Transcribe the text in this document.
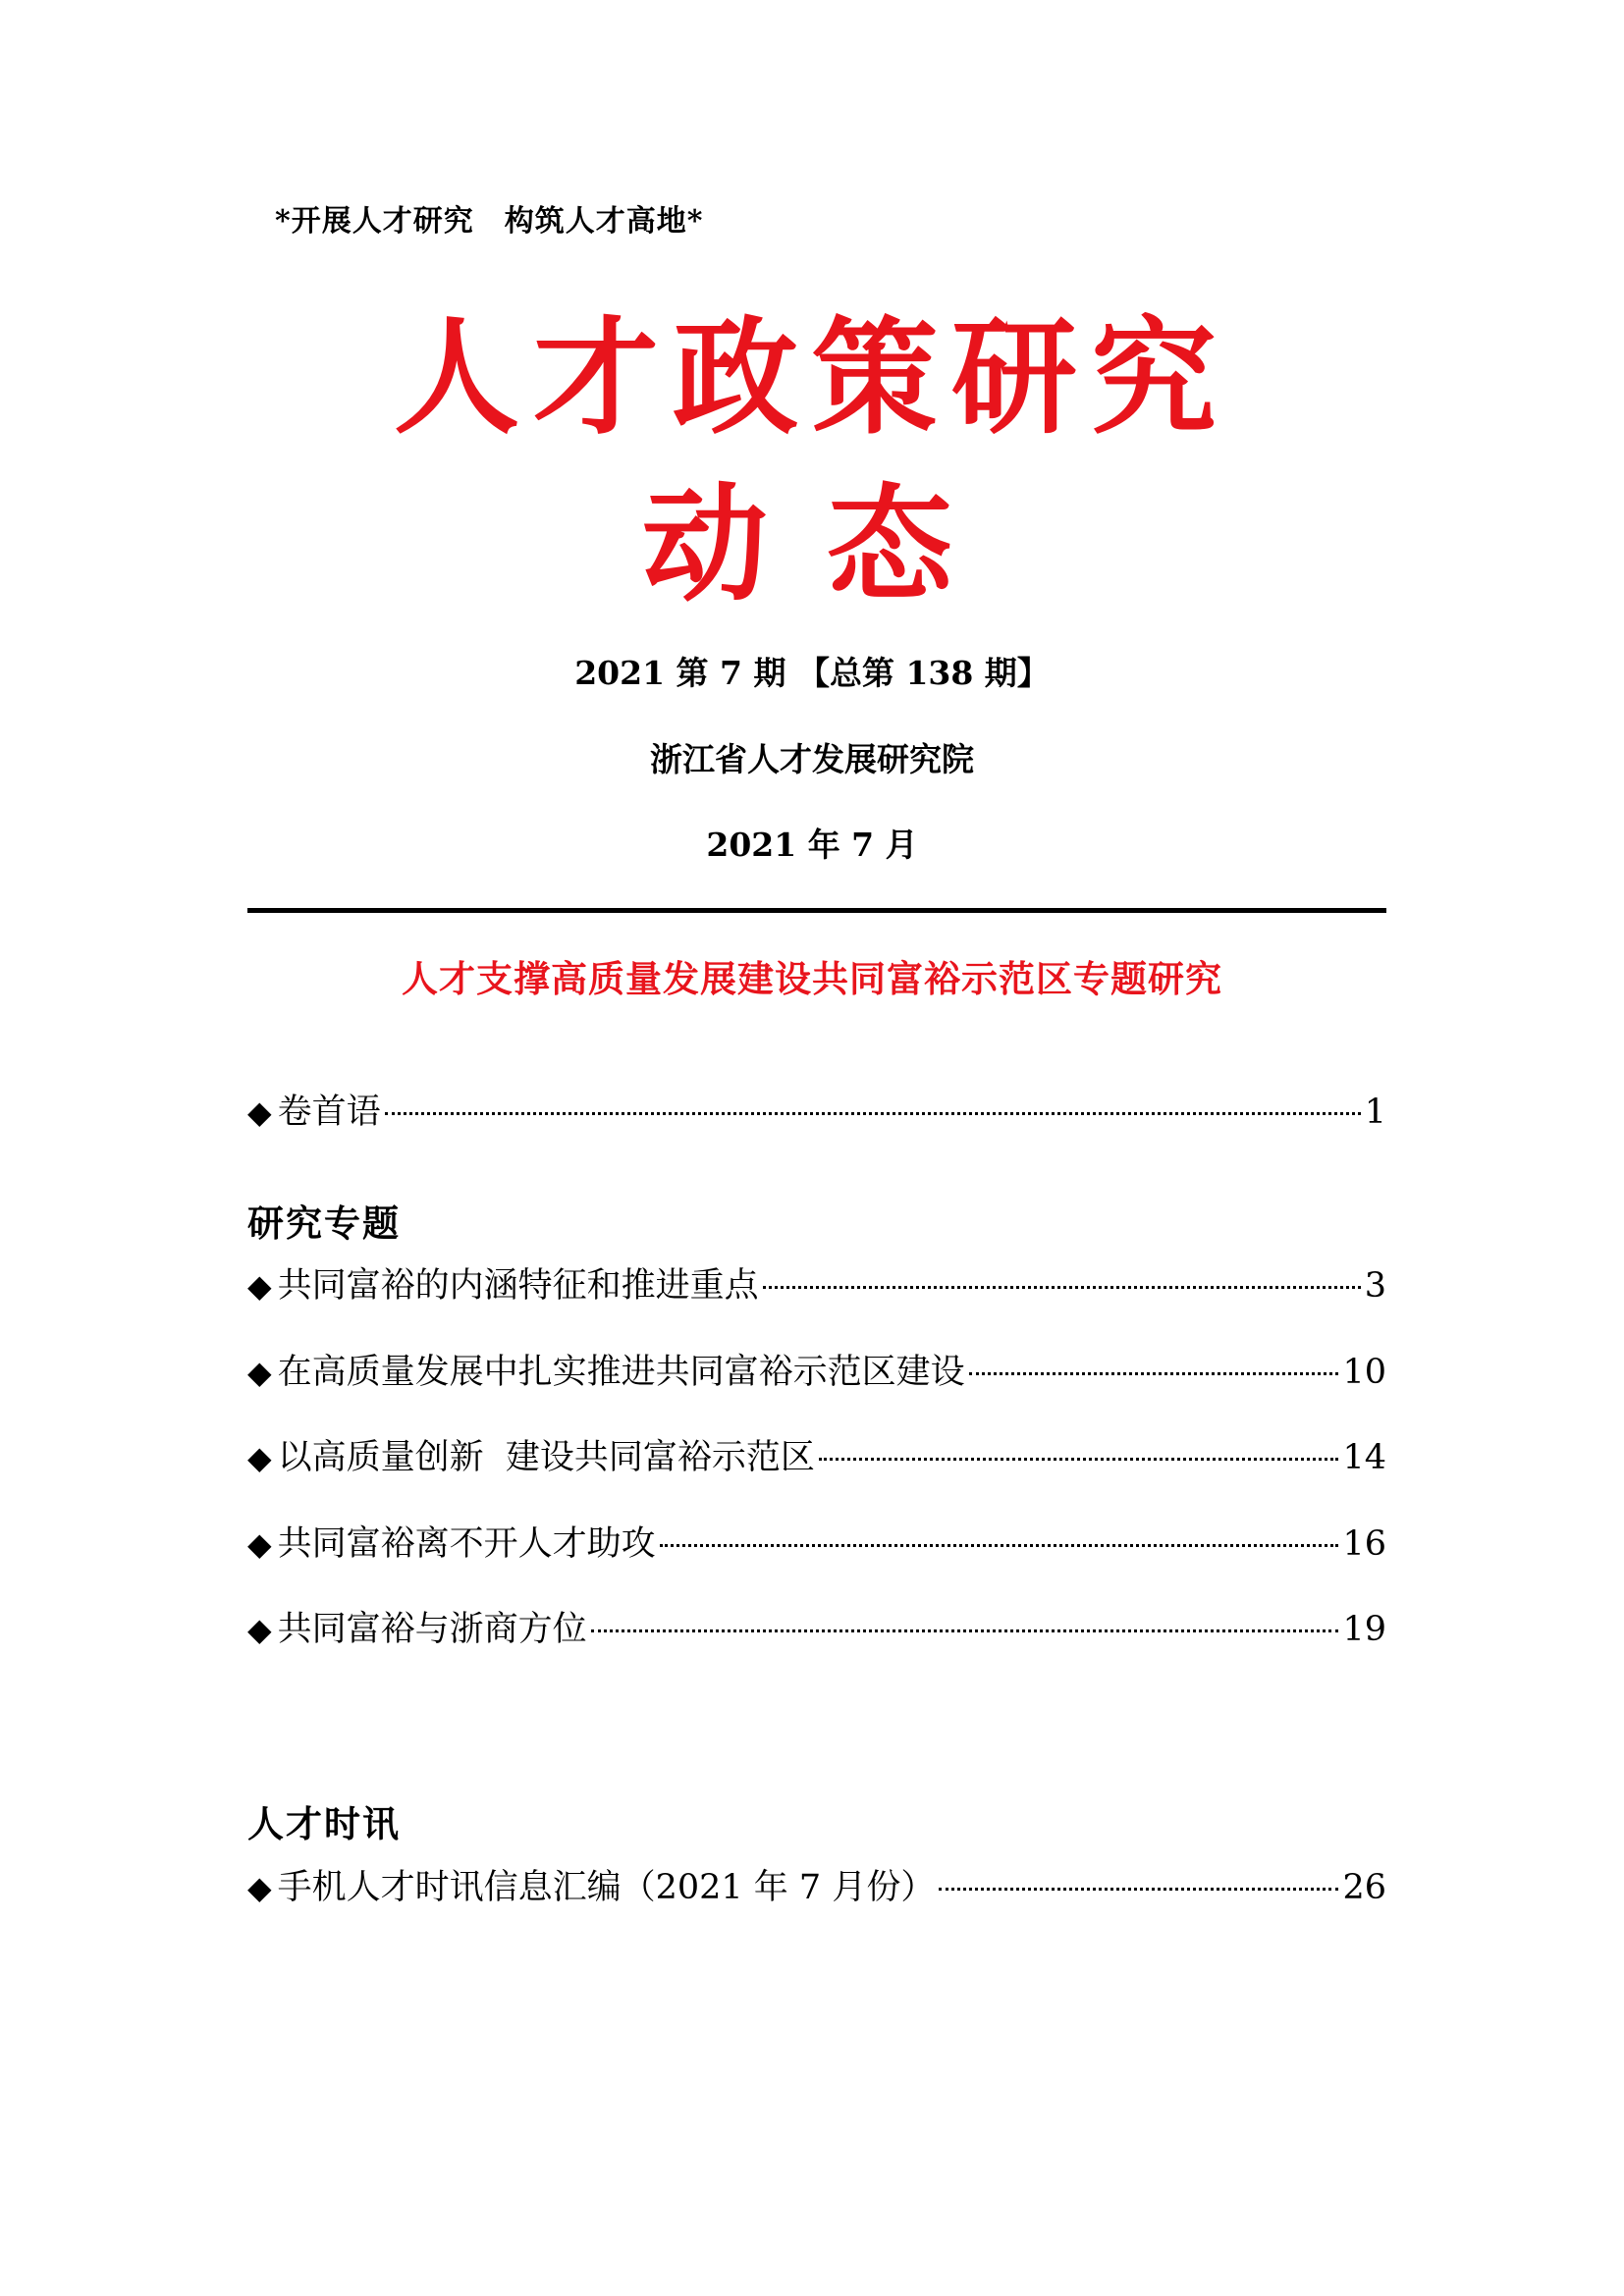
*开展人才研究　构筑人才高地*
人才政策研究
动态
2021 第 7 期 【总第 138 期】
浙江省人才发展研究院
2021 年 7 月
人才支撑高质量发展建设共同富裕示范区专题研究
◆ 卷首语	1
研究专题
◆ 共同富裕的内涵特征和推进重点	3
◆ 在高质量发展中扎实推进共同富裕示范区建设	10
◆ 以高质量创新  建设共同富裕示范区	14
◆ 共同富裕离不开人才助攻	16
◆ 共同富裕与浙商方位	19
人才时讯
◆ 手机人才时讯信息汇编（2021 年 7 月份）	26
